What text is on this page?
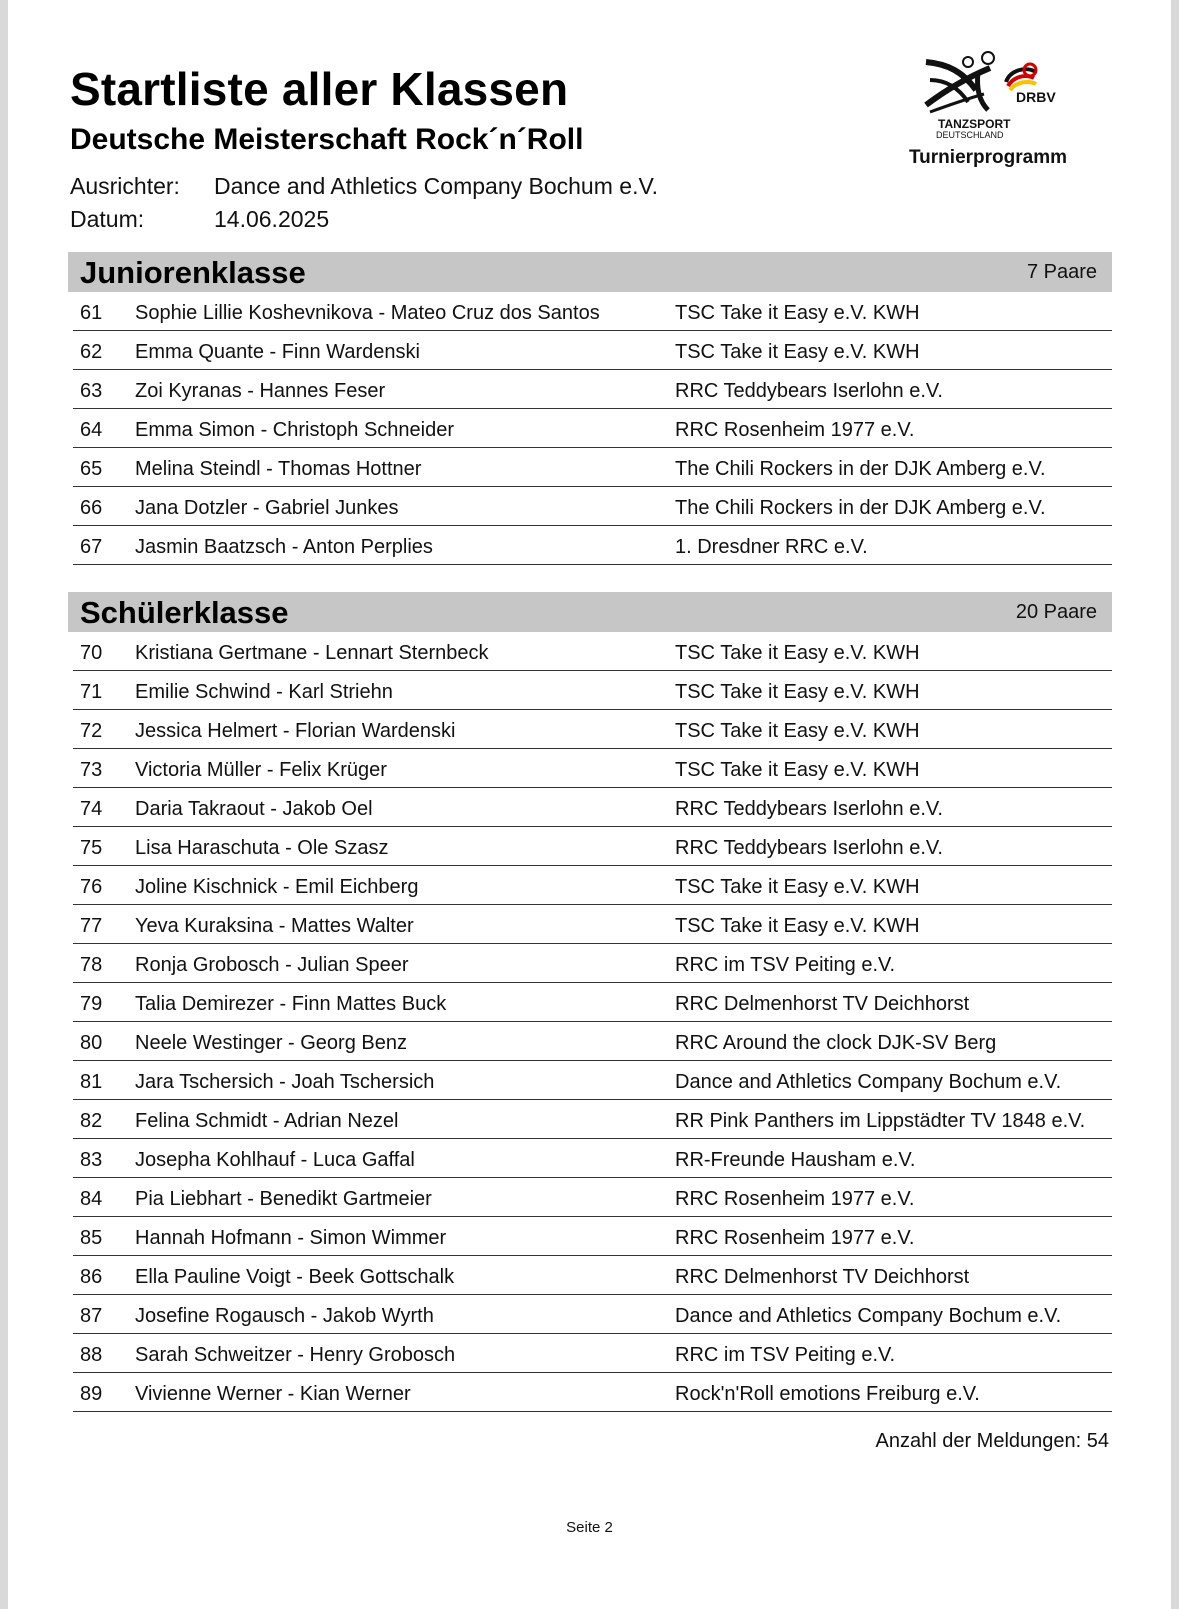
Startliste aller Klassen
Deutsche Meisterschaft Rock´n´Roll
Ausrichter: Dance and Athletics Company Bochum e.V.
Datum:	14.06.2025
DRBV
TANZSPORT
DEUTSCHLAND
Turnierprogramm
Juniorenklasse	7 Paare
61 Sophie Lillie Koshevnikova - Mateo Cruz dos Santos	TSC Take it Easy e.V. KWH
62 Emma Quante - Finn Wardenski	TSC Take it Easy e.V. KWH
63 Zoi Kyranas - Hannes Feser	RRC Teddybears Iserlohn e.V.
64 Emma Simon - Christoph Schneider	RRC Rosenheim 1977 e.V.
65 Melina Steindl - Thomas Hottner	The Chili Rockers in der DJK Amberg e.V.
66 Jana Dotzler - Gabriel Junkes	The Chili Rockers in der DJK Amberg e.V.
67 Jasmin Baatzsch - Anton Perplies	1. Dresdner RRC e.V.
Schülerklasse	20 Paare
70 Kristiana Gertmane - Lennart Sternbeck	TSC Take it Easy e.V. KWH
71 Emilie Schwind - Karl Striehn	TSC Take it Easy e.V. KWH
72 Jessica Helmert - Florian Wardenski	TSC Take it Easy e.V. KWH
73 Victoria Müller - Felix Krüger	TSC Take it Easy e.V. KWH
74 Daria Takraout - Jakob Oel	RRC Teddybears Iserlohn e.V.
75 Lisa Haraschuta - Ole Szasz	RRC Teddybears Iserlohn e.V.
76 Joline Kischnick - Emil Eichberg	TSC Take it Easy e.V. KWH
77 Yeva Kuraksina - Mattes Walter	TSC Take it Easy e.V. KWH
78 Ronja Grobosch - Julian Speer	RRC im TSV Peiting e.V.
79 Talia Demirezer - Finn Mattes Buck	RRC Delmenhorst TV Deichhorst
80 Neele Westinger - Georg Benz	RRC Around the clock DJK-SV Berg
81 Jara Tschersich - Joah Tschersich	Dance and Athletics Company Bochum e.V.
82 Felina Schmidt - Adrian Nezel	RR Pink Panthers im Lippstädter TV 1848 e.V.
83 Josepha Kohlhauf - Luca Gaffal	RR-Freunde Hausham e.V.
84 Pia Liebhart - Benedikt Gartmeier	RRC Rosenheim 1977 e.V.
85 Hannah Hofmann - Simon Wimmer	RRC Rosenheim 1977 e.V.
86 Ella Pauline Voigt - Beek Gottschalk	RRC Delmenhorst TV Deichhorst
87 Josefine Rogausch - Jakob Wyrth	Dance and Athletics Company Bochum e.V.
88 Sarah Schweitzer - Henry Grobosch	RRC im TSV Peiting e.V.
89 Vivienne Werner - Kian Werner	Rock'n'Roll emotions Freiburg e.V.
Anzahl der Meldungen: 54
Seite 2
